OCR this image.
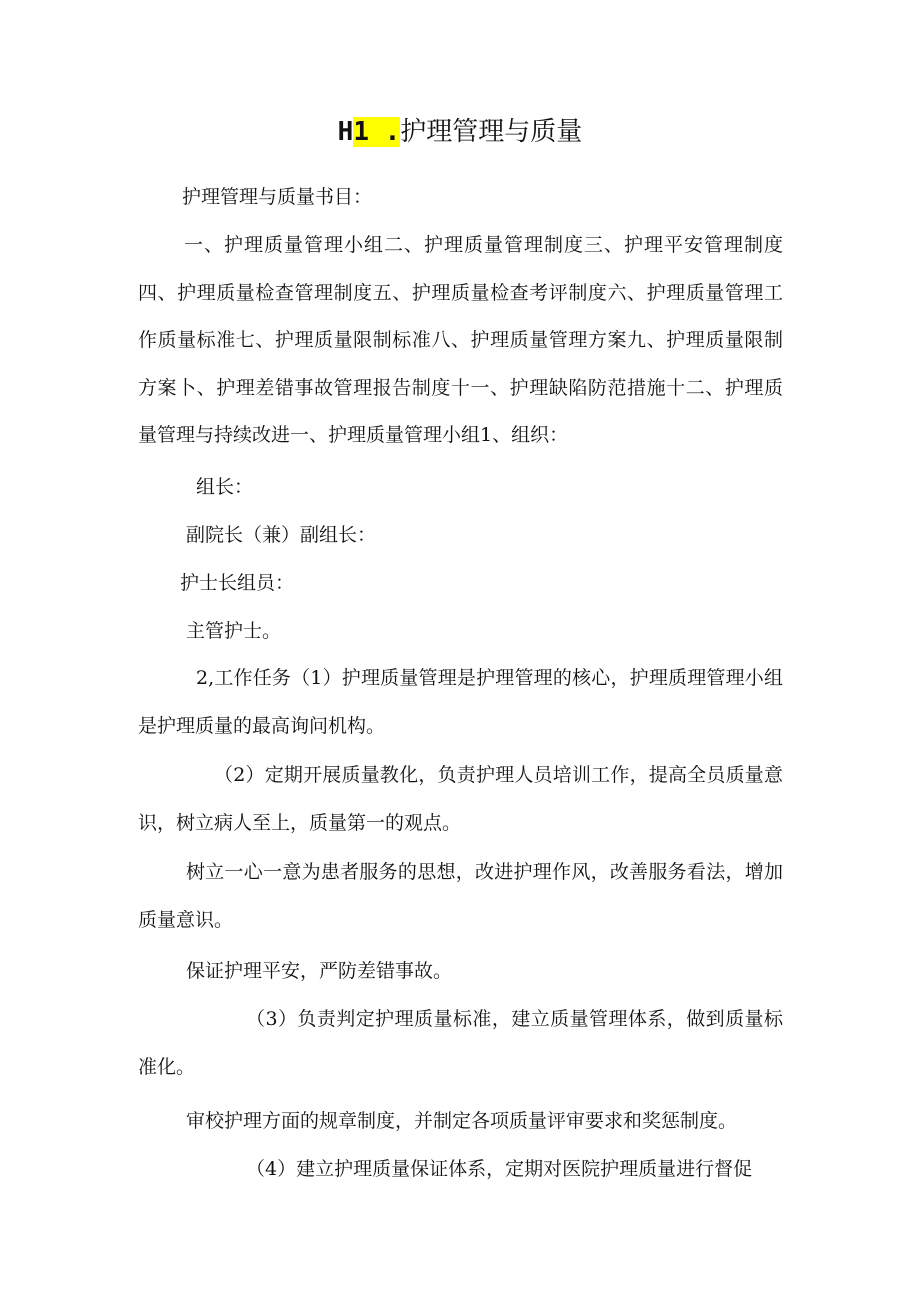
H1 .护理管理与质量
护理管理与质量书目：

一、护理质量管理小组二、护理质量管理制度三、护理平安管理制度四、护理质量检查管理制度五、护理质量检查考评制度六、护理质量管理工作质量标准七、护理质量限制标准八、护理质量管理方案九、护理质量限制方案卜、护理差错事故管理报告制度十一、护理缺陷防范措施十二、护理质量管理与持续改进一、护理质量管理小组1、组织：

组长：
副院长（兼）副组长：
护士长组员：
主管护士。

2,工作任务（1）护理质量管理是护理管理的核心，护理质理管理小组是护理质量的最高询问机构。

（2）定期开展质量教化，负责护理人员培训工作，提高全员质量意识，树立病人至上，质量第一的观点。

树立一心一意为患者服务的思想，改进护理作风，改善服务看法，增加质量意识。

保证护理平安，严防差错事故。

（3）负责判定护理质量标准，建立质量管理体系，做到质量标准化。

审校护理方面的规章制度，并制定各项质量评审要求和奖惩制度。
（4）建立护理质量保证体系，定期对医院护理质量进行督促
